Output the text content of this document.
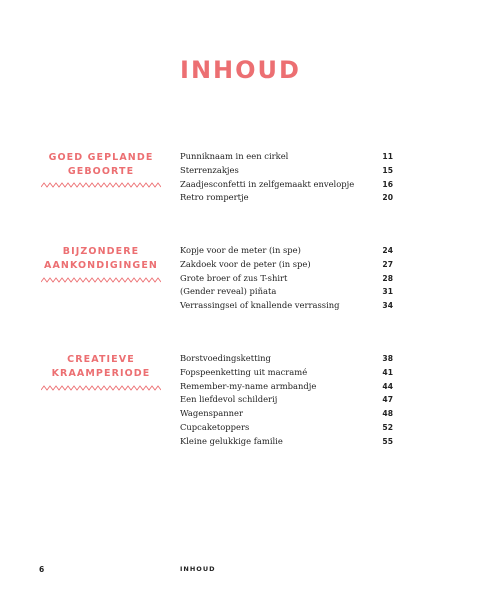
INHOUD
GOED GEPLANDE
GEBOORTE
Punniknaam in een cirkel	11
Sterrenzakjes	15
Zaadjesconfetti in zelfgemaakt envelopje	16
Retro rompertje	20
BIJZONDERE
AANKONDIGINGEN
Kopje voor de meter (in spe)	24
Zakdoek voor de peter (in spe)	27
Grote broer of zus T-shirt	28
(Gender reveal) piñata	31
Verrassingsei of knallende verrassing	34
CREATIEVE
KRAAMPERIODE
Borstvoedingsketting	38
Fopspeenketting uit macramé	41
Remember-my-name armbandje	44
Een liefdevol schilderij	47
Wagenspanner	48
Cupcaketoppers	52
Kleine gelukkige familie	55
6	INHOUD
